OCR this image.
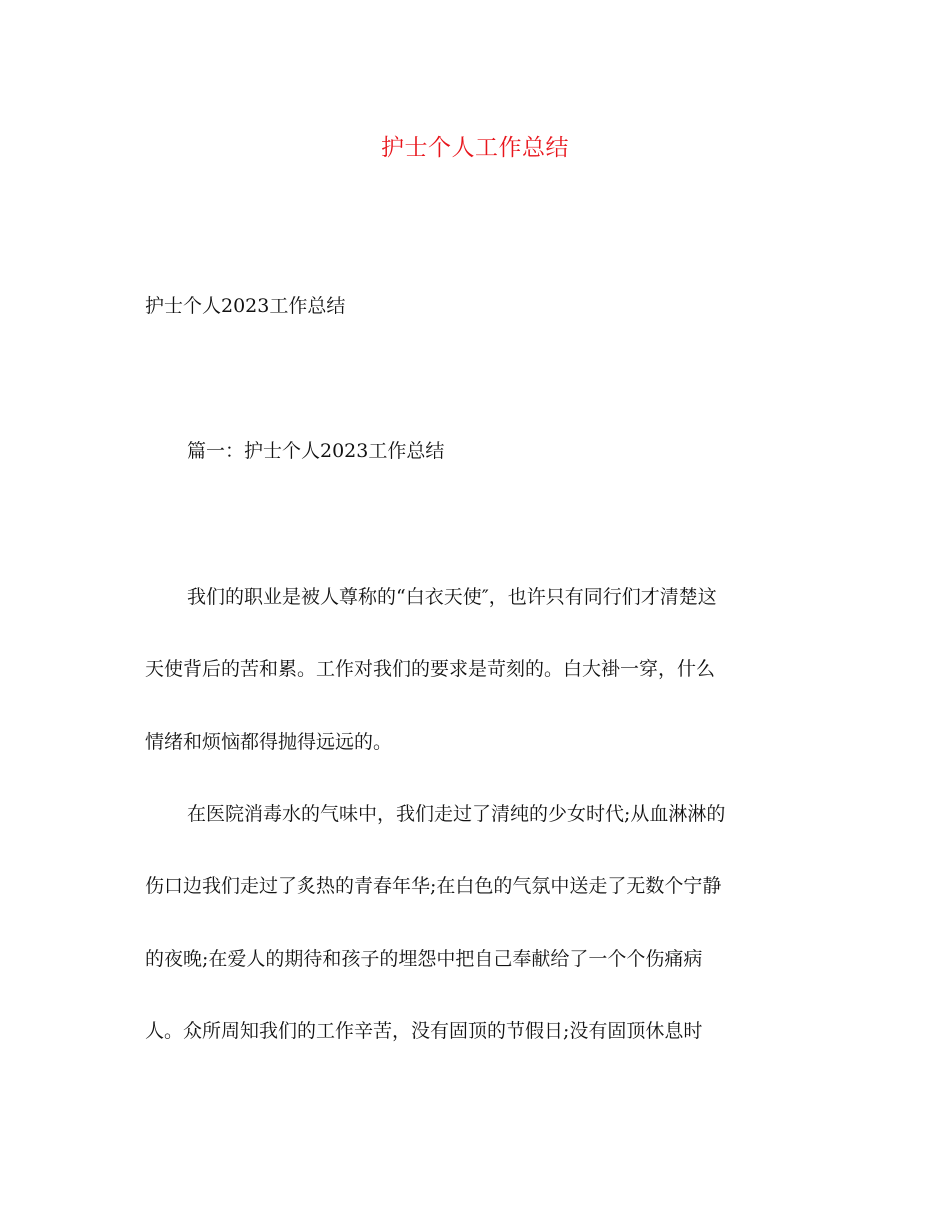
护士个人工作总结
护士个人2023工作总结
篇一：护士个人2023工作总结

我们的职业是被人尊称的“白衣天使″，也许只有同行们才清楚这

天使背后的苦和累。工作对我们的要求是苛刻的。白大褂一穿，什么

情绪和烦恼都得抛得远远的。

在医院消毒水的气味中，我们走过了清纯的少女时代;从血淋淋的

伤口边我们走过了炙热的青春年华;在白色的气氛中送走了无数个宁静

的夜晚;在爱人的期待和孩子的埋怨中把自己奉献给了一个个伤痛病

人。众所周知我们的工作辛苦，没有固顶的节假日;没有固顶休息时
